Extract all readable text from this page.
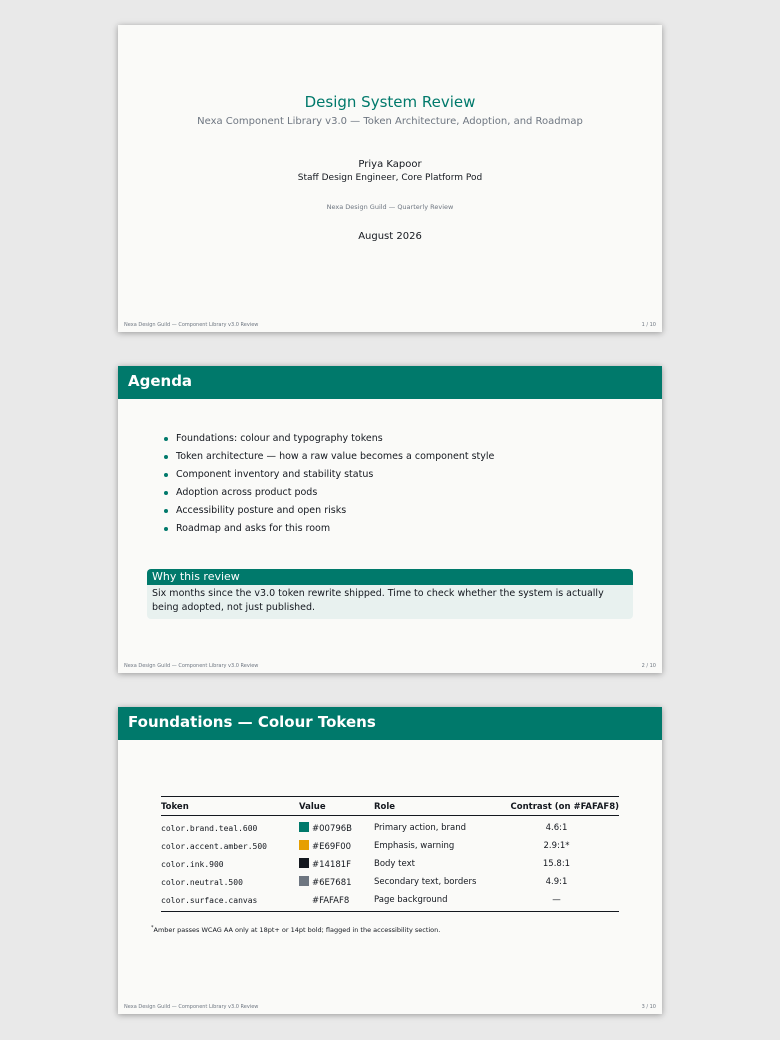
Design System Review
Nexa Component Library v3.0 — Token Architecture, Adoption, and Roadmap
Priya Kapoor
Staff Design Engineer, Core Platform Pod
Nexa Design Guild — Quarterly Review
August 2026
Nexa Design Guild — Component Library v3.0 Review	1 / 10
Agenda
Foundations: colour and typography tokens
Token architecture — how a raw value becomes a component style
Component inventory and stability status
Adoption across product pods
Accessibility posture and open risks
Roadmap and asks for this room
Why this review
Six months since the v3.0 token rewrite shipped. Time to check whether the system is actually being adopted, not just published.
Nexa Design Guild — Component Library v3.0 Review	2 / 10
Foundations — Colour Tokens
Token	Value	Role	Contrast (on #FAFAF8)
color.brand.teal.600	#00796B	Primary action, brand	4.6:1
color.accent.amber.500	#E69F00	Emphasis, warning	2.9:1*
color.ink.900	#14181F	Body text	15.8:1
color.neutral.500	#6E7681	Secondary text, borders	4.9:1
color.surface.canvas	#FAFAF8	Page background	—
*Amber passes WCAG AA only at 18pt+ or 14pt bold; flagged in the accessibility section.
Nexa Design Guild — Component Library v3.0 Review	3 / 10
